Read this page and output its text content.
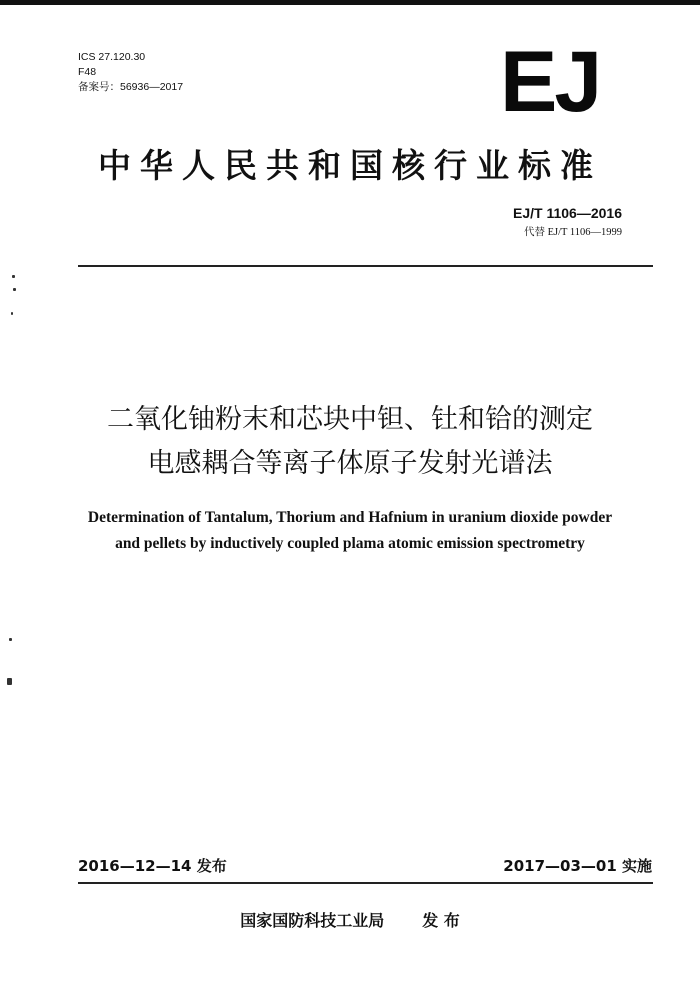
ICS 27.120.30
F48
备案号：56936—2017	EJ
中华人民共和国核行业标准
EJ/T 1106—2016
代替 EJ/T 1106—1999
二氧化铀粉末和芯块中钽、钍和铪的测定
电感耦合等离子体原子发射光谱法
Determination of Tantalum, Thorium and Hafnium in uranium dioxide powder
and pellets by inductively coupled plama atomic emission spectrometry
2016—12—14 发布	2017—03—01 实施
国家国防科技工业局 发 布
